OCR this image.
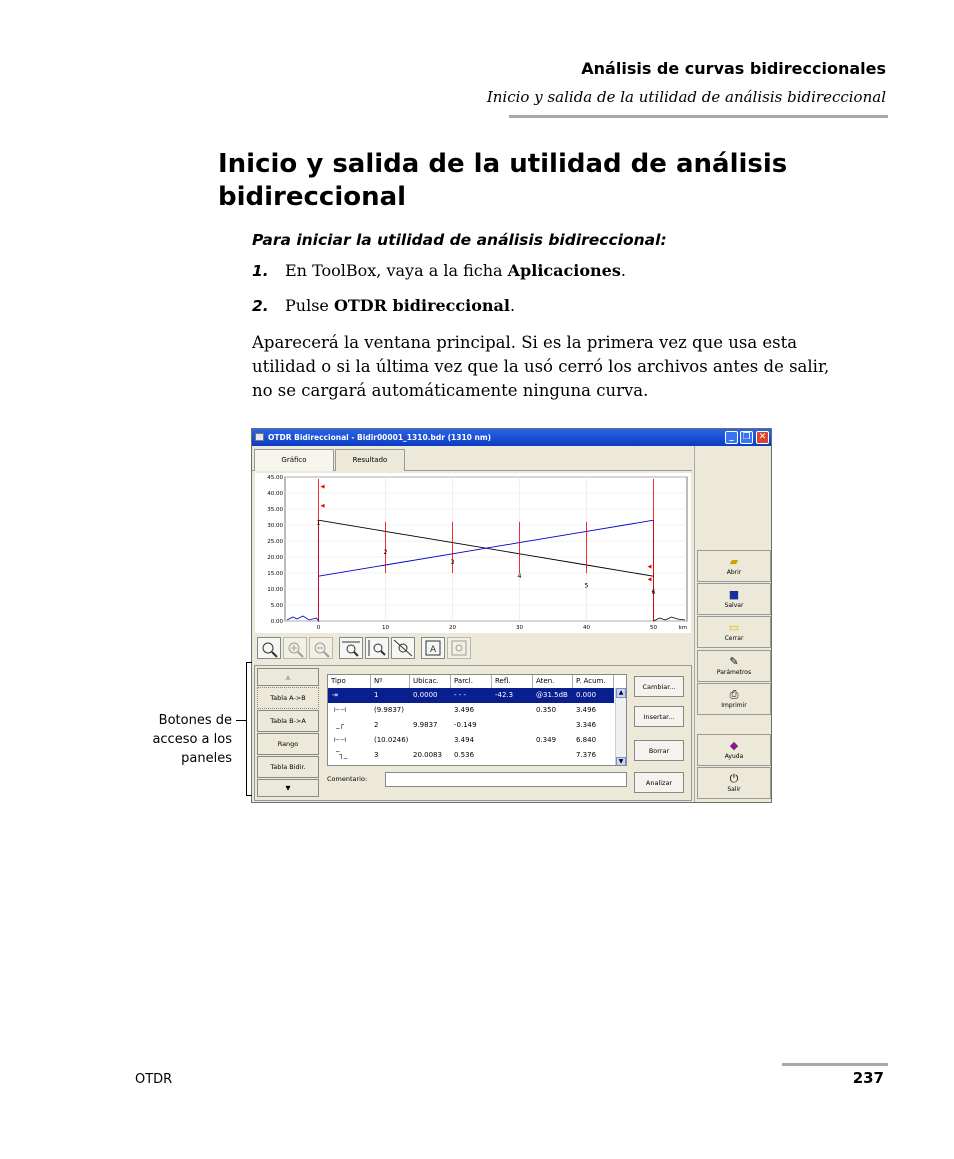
Análisis de curvas bidireccionales
Inicio y salida de la utilidad de análisis bidireccional
Inicio y salida de la utilidad de análisis bidireccional
Para iniciar la utilidad de análisis bidireccional:
1. En ToolBox, vaya a la ficha Aplicaciones.
2. Pulse OTDR bidireccional.

Aparecerá la ventana principal. Si es la primera vez que usa esta utilidad o si la última vez que la usó cerró los archivos antes de salir, no se cargará automáticamente ninguna curva.

OTDR Bidireccional - Bidir00001_1310.bdr (1310 nm)	_ ❐ ✕
Gráfico	Resultado
0.00
5.00
10.00
15.00
20.00
25.00
30.00
35.00
40.00
45.00
0	10	20	30	40	50	km
1
2
3
4
5
6
A
▲
Tabla A->B
Tabla B->A
Rango
Tabla Bidir.
▼
Tipo	Nº	Ubicac.	Parcl.	Refl.	Aten.	P. Acum.
⇥	1	0.0000 - - -	-42.3	@31.5dB 0.000
⊢⊣	(9.9837)	3.496	0.350	3.496
_┌	2	9.9837 -0.149	3.346
⊢⊣	(10.0246)	3.494	0.349	6.840
‾┐_	3	20.0083 0.536	7.376
▲
▼
Cambiar...
Insertar...
Borrar
Analizar
Comentario:
▰
Abrir
■
Salvar
▭
Cerrar
✎
Parámetros
⎙
Imprimir
◆
Ayuda
⏻
Salir
Botones de acceso a los paneles
OTDR	237
